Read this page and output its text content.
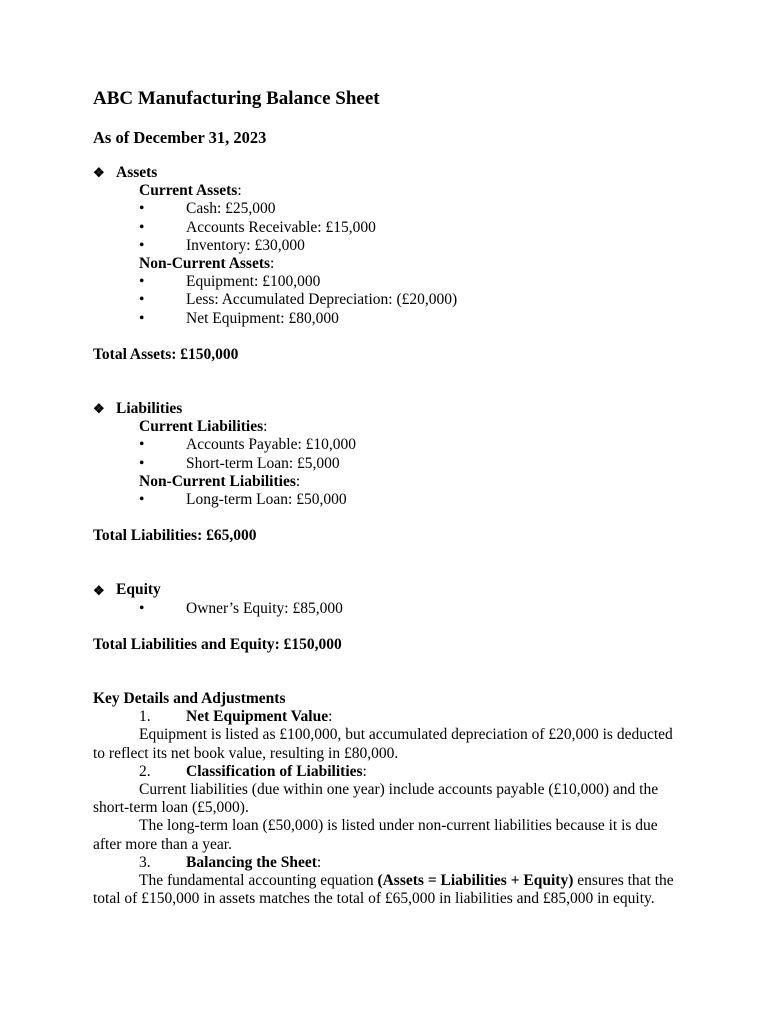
ABC Manufacturing Balance Sheet
As of December 31, 2023
❖ Assets
Current Assets:
•	Cash: £25,000
•	Accounts Receivable: £15,000
•	Inventory: £30,000
Non-Current Assets:
•	Equipment: £100,000
•	Less: Accumulated Depreciation: (£20,000)
•	Net Equipment: £80,000
Total Assets: £150,000
❖ Liabilities
Current Liabilities:
•	Accounts Payable: £10,000
•	Short-term Loan: £5,000
Non-Current Liabilities:
•	Long-term Loan: £50,000
Total Liabilities: £65,000
❖ Equity
•	Owner’s Equity: £85,000
Total Liabilities and Equity: £150,000
Key Details and Adjustments
1.	Net Equipment Value:
Equipment is listed as £100,000, but accumulated depreciation of £20,000 is deducted to reflect its net book value, resulting in £80,000.
2.	Classification of Liabilities:
Current liabilities (due within one year) include accounts payable (£10,000) and the short-term loan (£5,000).
The long-term loan (£50,000) is listed under non-current liabilities because it is due after more than a year.
3.	Balancing the Sheet:
The fundamental accounting equation (Assets = Liabilities + Equity) ensures that the total of £150,000 in assets matches the total of £65,000 in liabilities and £85,000 in equity.
